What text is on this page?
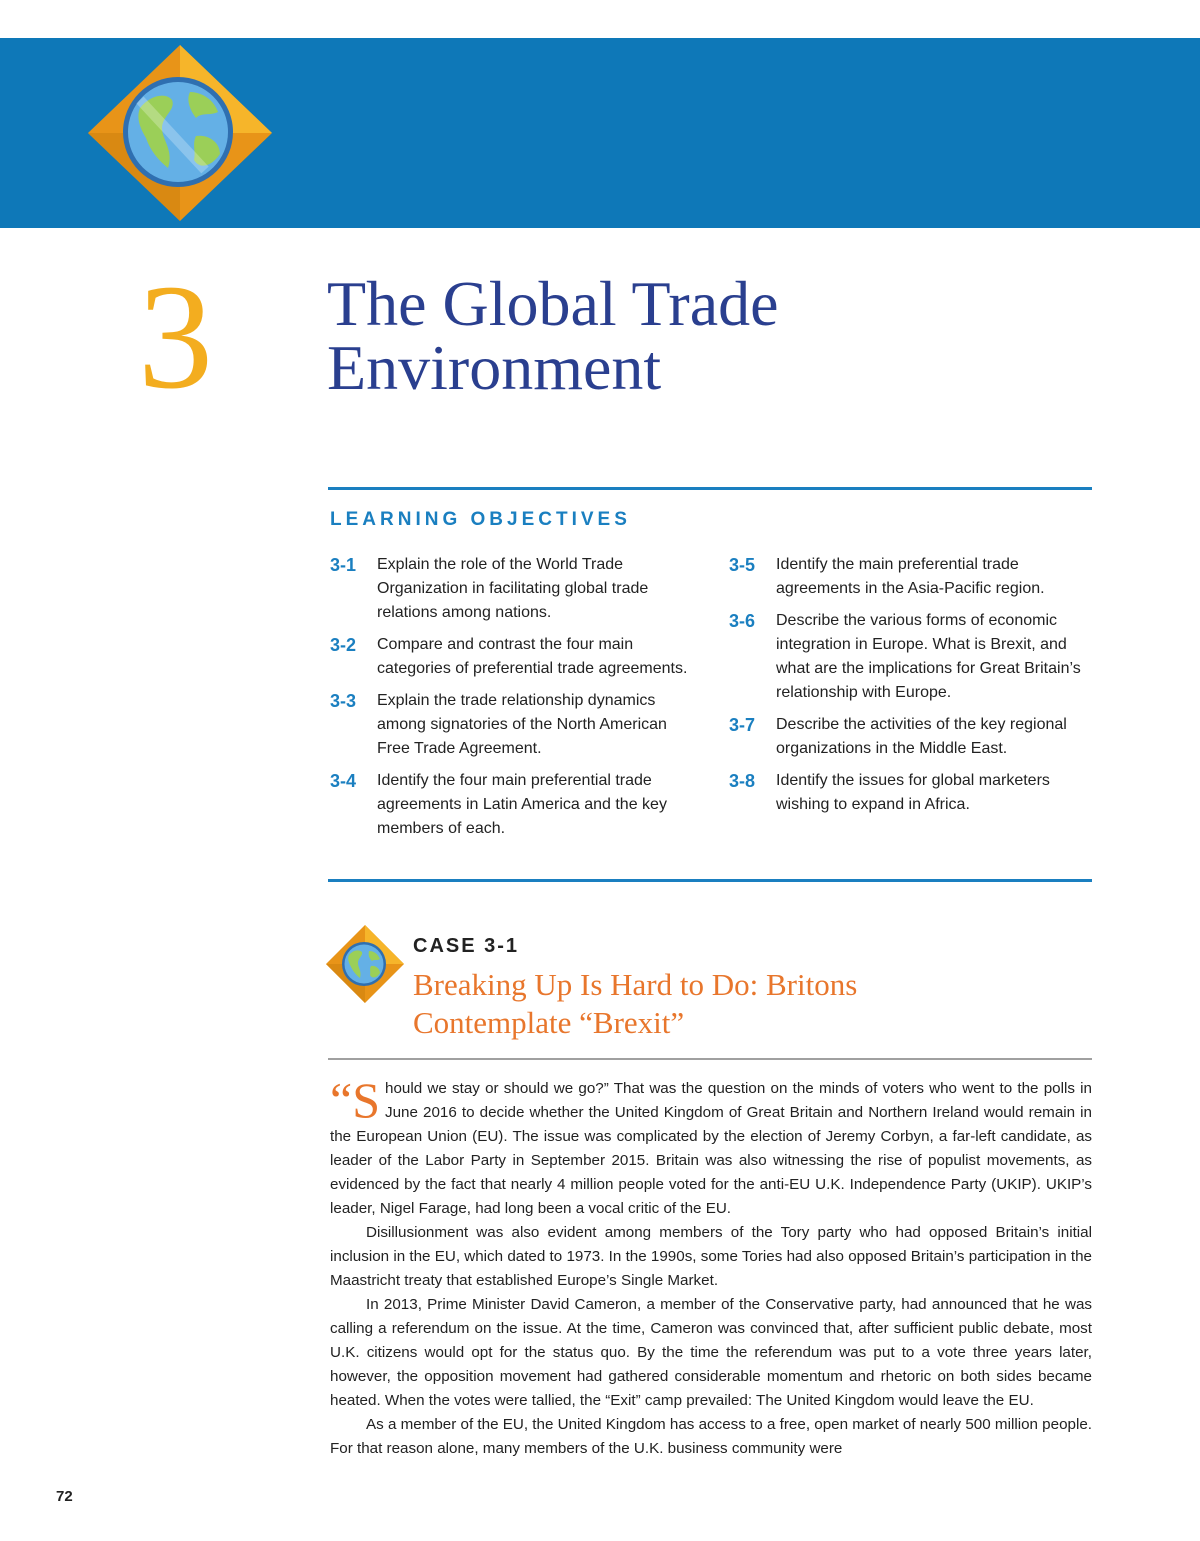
3 The Global Trade
Environment
LEARNING OBJECTIVES
3-1	Explain the role of the World Trade Organization in facilitating global trade relations among nations.
3-2	Compare and contrast the four main categories of preferential trade agreements.
3-3	Explain the trade relationship dynamics among signatories of the North American Free Trade Agreement.
3-4	Identify the four main preferential trade agreements in Latin America and the key members of each.
3-5	Identify the main preferential trade agreements in the Asia-Pacific region.
3-6	Describe the various forms of economic integration in Europe. What is Brexit, and what are the implications for Great Britain’s relationship with Europe.
3-7	Describe the activities of the key regional organizations in the Middle East.
3-8	Identify the issues for global marketers wishing to expand in Africa.
CASE 3-1
Breaking Up Is Hard to Do: Britons
Contemplate “Brexit”

“Should we stay or should we go?” That was the question on the minds of voters who went to the polls in June 2016 to decide whether the United Kingdom of Great Britain and Northern Ireland would remain in the European Union (EU). The issue was complicated by the election of Jeremy Corbyn, a far-left candidate, as leader of the Labor Party in September 2015. Britain was also witnessing the rise of populist movements, as evidenced by the fact that nearly 4 million people voted for the anti-EU U.K. Independence Party (UKIP). UKIP’s leader, Nigel Farage, had long been a vocal critic of the EU.

Disillusionment was also evident among members of the Tory party who had opposed Britain’s initial inclusion in the EU, which dated to 1973. In the 1990s, some Tories had also opposed Britain’s participation in the Maastricht treaty that established Europe’s Single Market.

In 2013, Prime Minister David Cameron, a member of the Conservative party, had announced that he was calling a referendum on the issue. At the time, Cameron was convinced that, after sufficient public debate, most U.K. citizens would opt for the status quo. By the time the referendum was put to a vote three years later, however, the opposition movement had gathered considerable momentum and rhetoric on both sides became heated. When the votes were tallied, the “Exit” camp prevailed: The United Kingdom would leave the EU.

As a member of the EU, the United Kingdom has access to a free, open market of nearly 500 million people. For that reason alone, many members of the U.K. business community were

72
